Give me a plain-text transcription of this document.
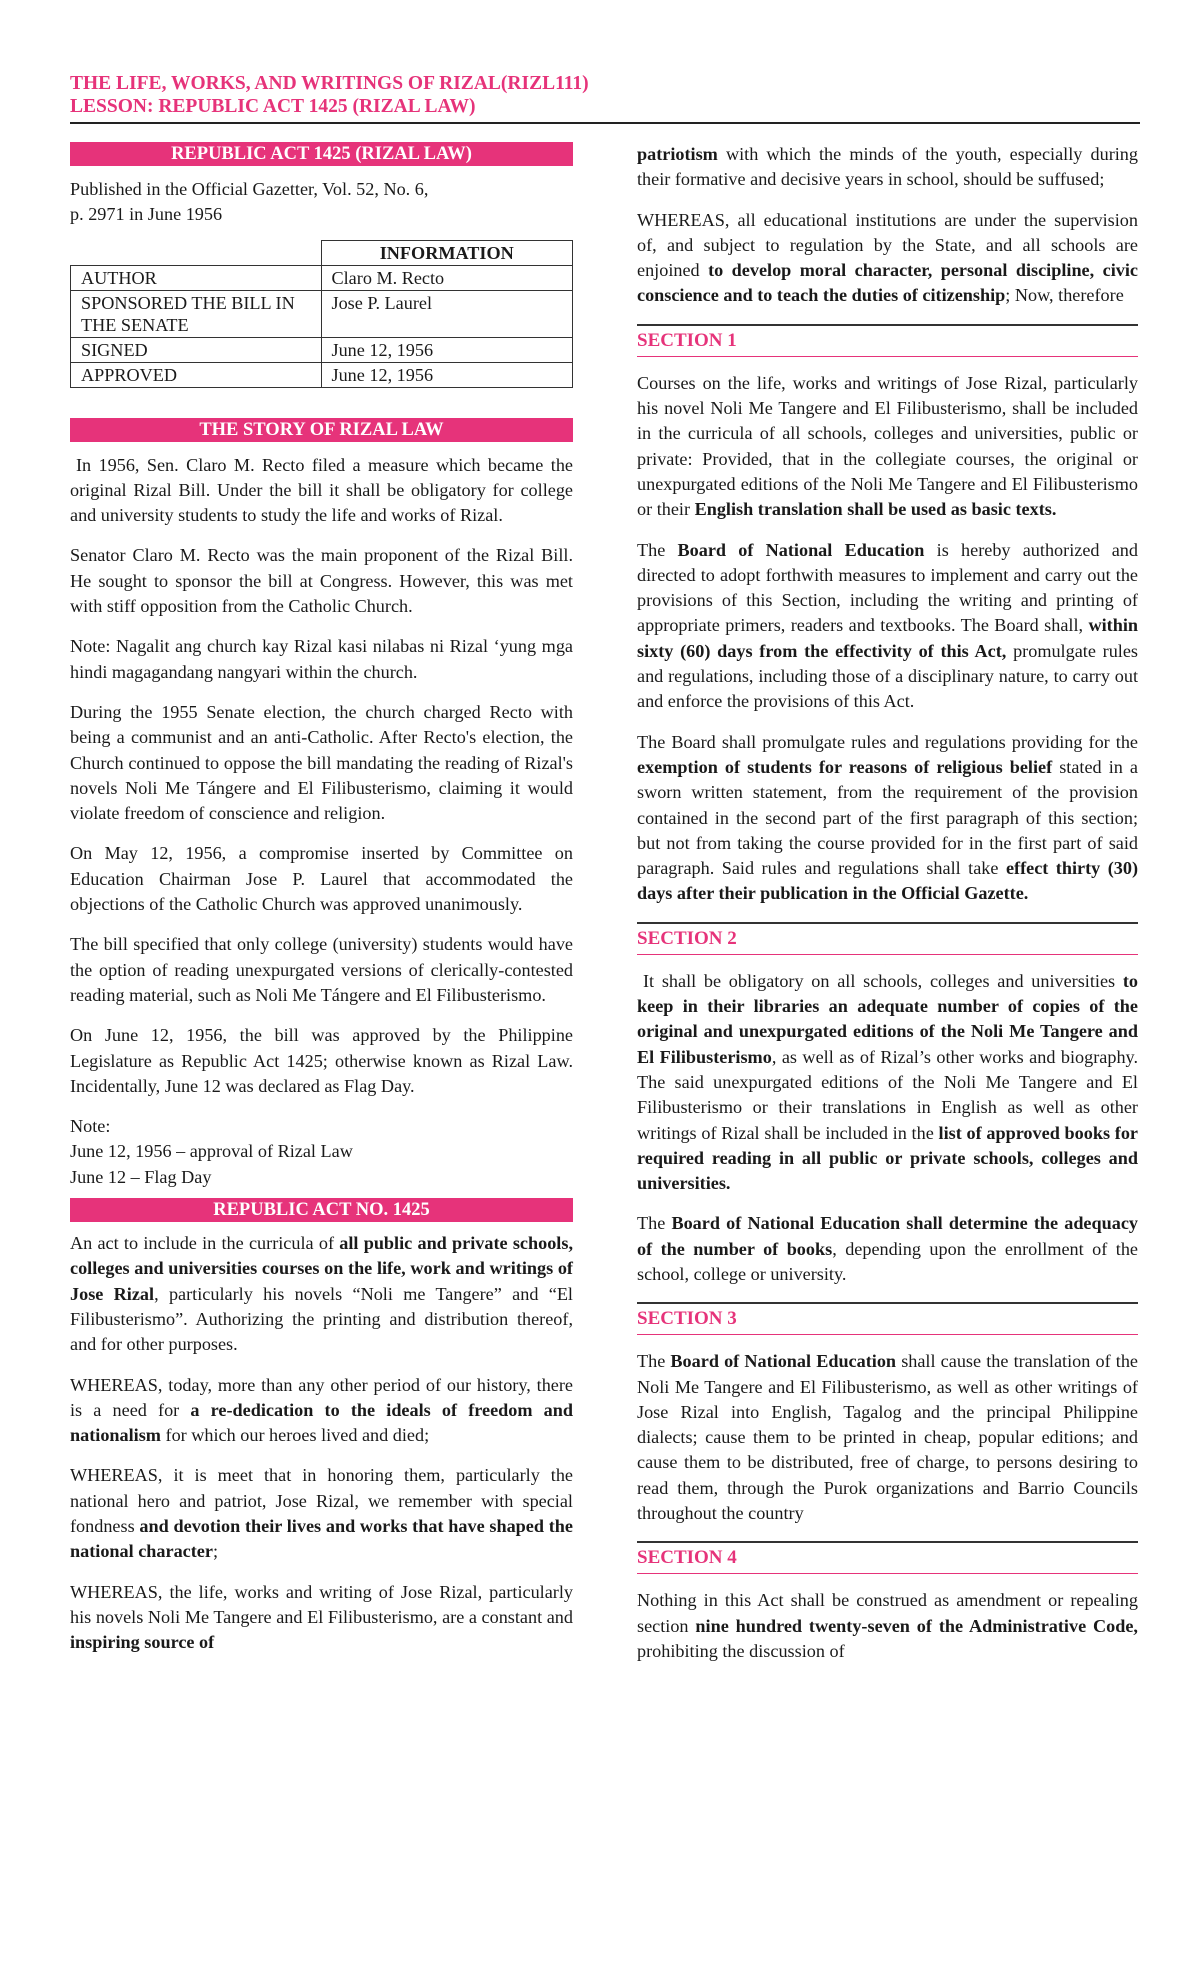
THE LIFE, WORKS, AND WRITINGS OF RIZAL(RIZL111)
LESSON: REPUBLIC ACT 1425 (RIZAL LAW)
REPUBLIC ACT 1425 (RIZAL LAW)
Published in the Official Gazetter, Vol. 52, No. 6,
p. 2971 in June 1956
	INFORMATION
AUTHOR	Claro M. Recto
SPONSORED THE BILL IN THE SENATE	Jose P. Laurel
SIGNED	June 12, 1956
APPROVED	June 12, 1956
THE STORY OF RIZAL LAW

In 1956, Sen. Claro M. Recto filed a measure which became the original Rizal Bill. Under the bill it shall be obligatory for college and university students to study the life and works of Rizal.

Senator Claro M. Recto was the main proponent of the Rizal Bill. He sought to sponsor the bill at Congress. However, this was met with stiff opposition from the Catholic Church.

Note: Nagalit ang church kay Rizal kasi nilabas ni Rizal ‘yung mga hindi magagandang nangyari within the church.

During the 1955 Senate election, the church charged Recto with being a communist and an anti-Catholic. After Recto's election, the Church continued to oppose the bill mandating the reading of Rizal's novels Noli Me Tángere and El Filibusterismo, claiming it would violate freedom of conscience and religion.

On May 12, 1956, a compromise inserted by Committee on Education Chairman Jose P. Laurel that accommodated the objections of the Catholic Church was approved unanimously.

The bill specified that only college (university) students would have the option of reading unexpurgated versions of clerically-contested reading material, such as Noli Me Tángere and El Filibusterismo.

On June 12, 1956, the bill was approved by the Philippine Legislature as Republic Act 1425; otherwise known as Rizal Law. Incidentally, June 12 was declared as Flag Day.

Note:
June 12, 1956 – approval of Rizal Law
June 12 – Flag Day
REPUBLIC ACT NO. 1425

An act to include in the curricula of all public and private schools, colleges and universities courses on the life, work and writings of Jose Rizal, particularly his novels “Noli me Tangere” and “El Filibusterismo”. Authorizing the printing and distribution thereof, and for other purposes.

WHEREAS, today, more than any other period of our history, there is a need for a re-dedication to the ideals of freedom and nationalism for which our heroes lived and died;

WHEREAS, it is meet that in honoring them, particularly the national hero and patriot, Jose Rizal, we remember with special fondness and devotion their lives and works that have shaped the national character;

WHEREAS, the life, works and writing of Jose Rizal, particularly his novels Noli Me Tangere and El Filibusterismo, are a constant and inspiring source of

patriotism with which the minds of the youth, especially during their formative and decisive years in school, should be suffused;

WHEREAS, all educational institutions are under the supervision of, and subject to regulation by the State, and all schools are enjoined to develop moral character, personal discipline, civic conscience and to teach the duties of citizenship; Now, therefore

SECTION 1

Courses on the life, works and writings of Jose Rizal, particularly his novel Noli Me Tangere and El Filibusterismo, shall be included in the curricula of all schools, colleges and universities, public or private: Provided, that in the collegiate courses, the original or unexpurgated editions of the Noli Me Tangere and El Filibusterismo or their English translation shall be used as basic texts.

The Board of National Education is hereby authorized and directed to adopt forthwith measures to implement and carry out the provisions of this Section, including the writing and printing of appropriate primers, readers and textbooks. The Board shall, within sixty (60) days from the effectivity of this Act, promulgate rules and regulations, including those of a disciplinary nature, to carry out and enforce the provisions of this Act.

The Board shall promulgate rules and regulations providing for the exemption of students for reasons of religious belief stated in a sworn written statement, from the requirement of the provision contained in the second part of the first paragraph of this section; but not from taking the course provided for in the first part of said paragraph. Said rules and regulations shall take effect thirty (30) days after their publication in the Official Gazette.

SECTION 2

It shall be obligatory on all schools, colleges and universities to keep in their libraries an adequate number of copies of the original and unexpurgated editions of the Noli Me Tangere and El Filibusterismo, as well as of Rizal’s other works and biography. The said unexpurgated editions of the Noli Me Tangere and El Filibusterismo or their translations in English as well as other writings of Rizal shall be included in the list of approved books for required reading in all public or private schools, colleges and universities.

The Board of National Education shall determine the adequacy of the number of books, depending upon the enrollment of the school, college or university.

SECTION 3

The Board of National Education shall cause the translation of the Noli Me Tangere and El Filibusterismo, as well as other writings of Jose Rizal into English, Tagalog and the principal Philippine dialects; cause them to be printed in cheap, popular editions; and cause them to be distributed, free of charge, to persons desiring to read them, through the Purok organizations and Barrio Councils throughout the country

SECTION 4

Nothing in this Act shall be construed as amendment or repealing section nine hundred twenty-seven of the Administrative Code, prohibiting the discussion of
